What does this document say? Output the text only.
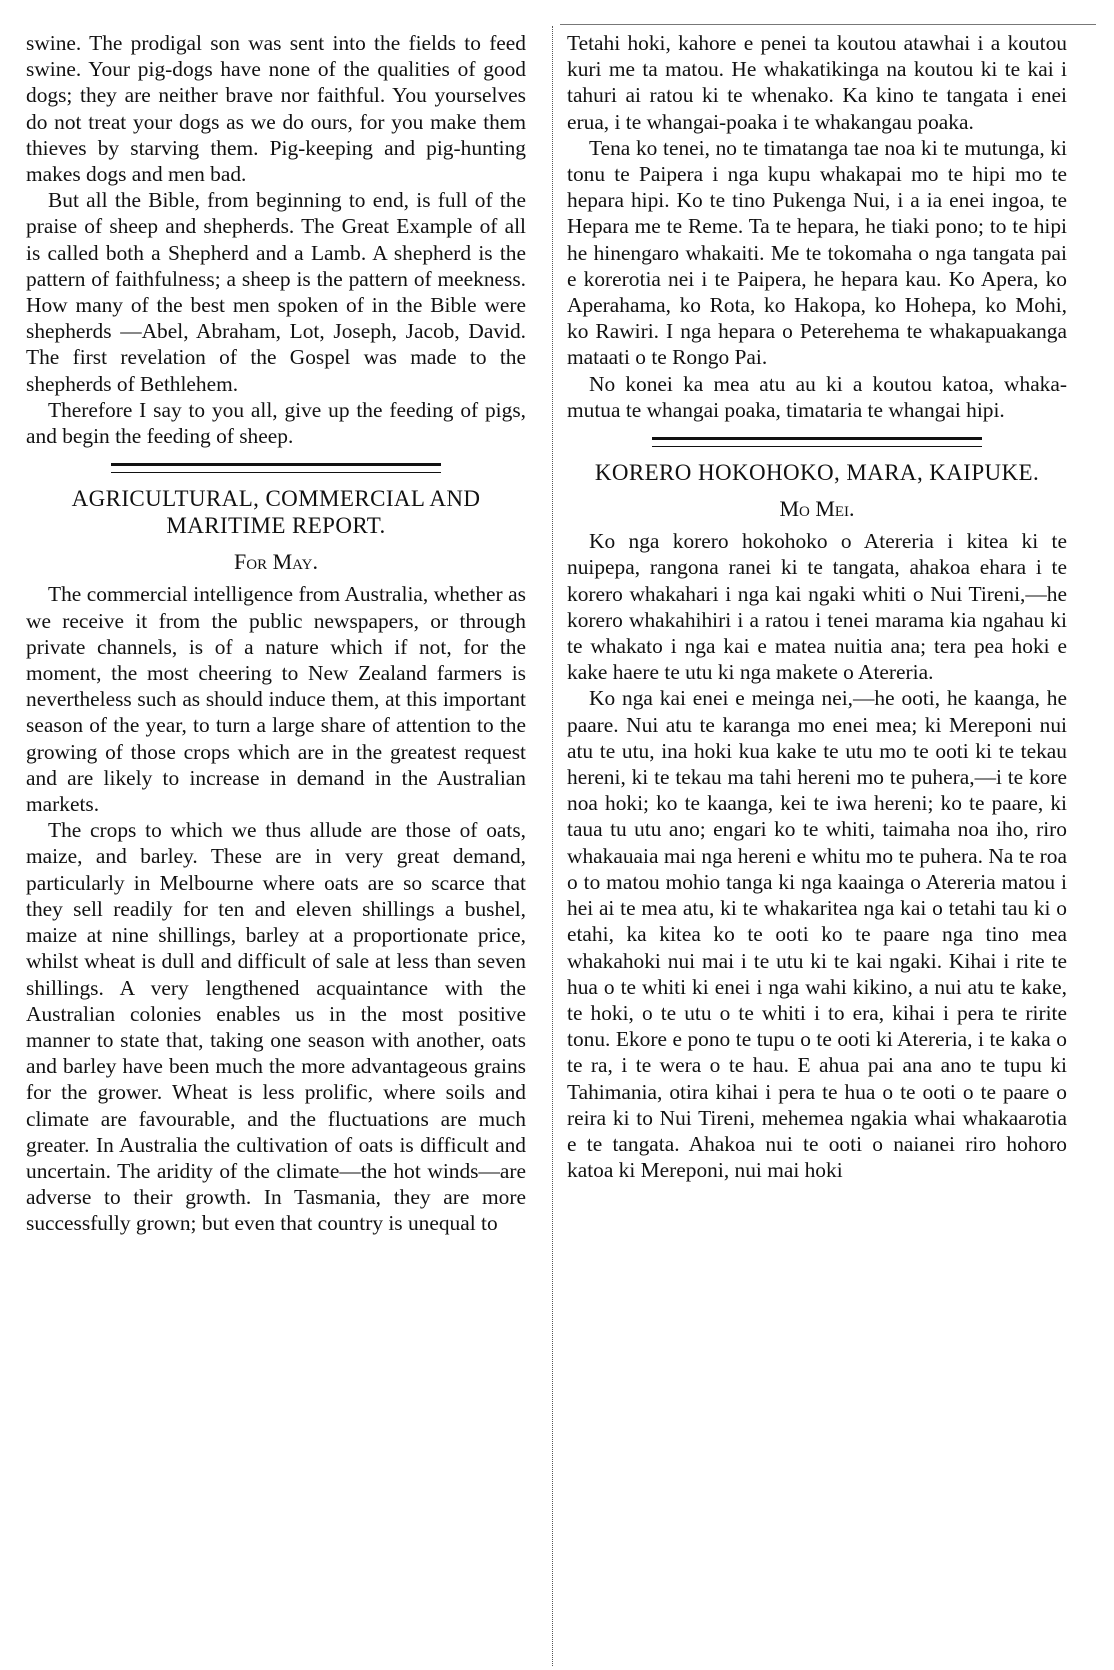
swine. The prodigal son was sent into the fields to feed swine. Your pig-dogs have none of the qualities of good dogs; they are neither brave nor faithful. You yourselves do not treat your dogs as we do ours, for you make them thieves by starving them. Pig-keeping and pig-hunting makes dogs and men bad.

But all the Bible, from beginning to end, is full of the praise of sheep and shepherds. The Great Example of all is called both a Shepherd and a Lamb. A shepherd is the pattern of faithfulness; a sheep is the pattern of meekness. How many of the best men spoken of in the Bible were shepherds —Abel, Abraham, Lot, Joseph, Jacob, David. The first revelation of the Gospel was made to the shepherds of Bethlehem.

Therefore I say to you all, give up the feeding of pigs, and begin the feeding of sheep.

AGRICULTURAL, COMMERCIAL AND MARITIME REPORT.
For May.

The commercial intelligence from Australia, whether as we receive it from the public newspapers, or through private channels, is of a nature which if not, for the moment, the most cheering to New Zealand farmers is nevertheless such as should induce them, at this important season of the year, to turn a large share of attention to the growing of those crops which are in the greatest request and are likely to increase in demand in the Australian markets.

The crops to which we thus allude are those of oats, maize, and barley. These are in very great demand, particularly in Melbourne where oats are so scarce that they sell readily for ten and eleven shillings a bushel, maize at nine shillings, barley at a proportionate price, whilst wheat is dull and difficult of sale at less than seven shillings. A very lengthened acquaintance with the Australian colonies enables us in the most positive manner to state that, taking one season with another, oats and barley have been much the more advantageous grains for the grower. Wheat is less prolific, where soils and climate are favourable, and the fluctuations are much greater. In Australia the cultivation of oats is difficult and uncertain. The aridity of the climate—the hot winds—are adverse to their growth. In Tasmania, they are more successfully grown; but even that country is unequal to

Tetahi hoki, kahore e penei ta koutou atawhai i a koutou kuri me ta matou. He whakatikinga na koutou ki te kai i tahuri ai ratou ki te whenako. Ka kino te tangata i enei erua, i te whangai-poaka i te whakangau poaka.

Tena ko tenei, no te timatanga tae noa ki te mutunga, ki tonu te Paipera i nga kupu whakapai mo te hipi mo te hepara hipi. Ko te tino Pukenga Nui, i a ia enei ingoa, te Hepara me te Reme. Ta te hepara, he tiaki pono; to te hipi he hinengaro whakaiti. Me te tokomaha o nga tangata pai e korerotia nei i te Paipera, he hepara kau. Ko Apera, ko Aperahama, ko Rota, ko Hakopa, ko Hohepa, ko Mohi, ko Rawiri. I nga hepara o Peterehema te whakapuakanga mataati o te Rongo Pai.

No konei ka mea atu au ki a koutou katoa, whaka-mutua te whangai poaka, timataria te whangai hipi.

KORERO HOKOHOKO, MARA, KAIPUKE.
Mo Mei.

Ko nga korero hokohoko o Atereria i kitea ki te nuipepa, rangona ranei ki te tangata, ahakoa ehara i te korero whakahari i nga kai ngaki whiti o Nui Tireni,—he korero whakahihiri i a ratou i tenei marama kia ngahau ki te whakato i nga kai e matea nuitia ana; tera pea hoki e kake haere te utu ki nga makete o Atereria.

Ko nga kai enei e meinga nei,—he ooti, he kaanga, he paare. Nui atu te karanga mo enei mea; ki Mereponi nui atu te utu, ina hoki kua kake te utu mo te ooti ki te tekau hereni, ki te tekau ma tahi hereni mo te puhera,—i te kore noa hoki; ko te kaanga, kei te iwa hereni; ko te paare, ki taua tu utu ano; engari ko te whiti, taimaha noa iho, riro whakauaia mai nga hereni e whitu mo te puhera. Na te roa o to matou mohio tanga ki nga kaainga o Atereria matou i hei ai te mea atu, ki te whakaritea nga kai o tetahi tau ki o etahi, ka kitea ko te ooti ko te paare nga tino mea whakahoki nui mai i te utu ki te kai ngaki. Kihai i rite te hua o te whiti ki enei i nga wahi kikino, a nui atu te kake, te hoki, o te utu o te whiti i to era, kihai i pera te ririte tonu. Ekore e pono te tupu o te ooti ki Atereria, i te kaka o te ra, i te wera o te hau. E ahua pai ana ano te tupu ki Tahimania, otira kihai i pera te hua o te ooti o te paare o reira ki to Nui Tireni, mehemea ngakia whai whakaarotia e te tangata. Ahakoa nui te ooti o naianei riro hohoro katoa ki Mereponi, nui mai hoki
